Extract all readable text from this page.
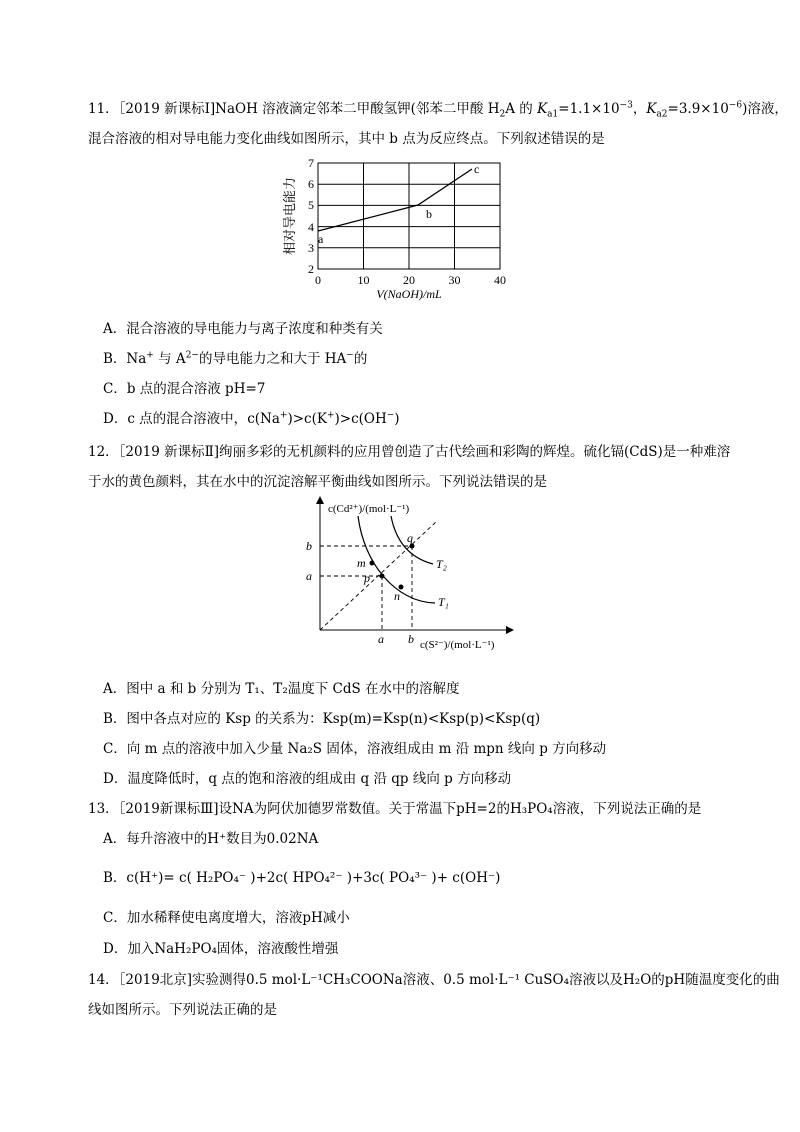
11．［2019 新课标Ⅰ]NaOH 溶液滴定邻苯二甲酸氢钾(邻苯二甲酸 $H_2A$ 的 $K_{a1}=1.1\times 10^{-3}$，$K_{a2}=3.9\times 10^{-6}$)溶液，
混合溶液的相对导电能力变化曲线如图所示，其中 b 点为反应终点。下列叙述错误的是
7
6
5
4
3
2
0	10	20	30	40
V(NaOH)/mL
相对导电能力 a
b
c
A．混合溶液的导电能力与离子浓度和种类有关
B．Na+ 与 $A^{2-}$的导电能力之和大于 HA−的
C．b 点的混合溶液 pH=7
D．c 点的混合溶液中，c(Na+)>c(K+)>c(OH−)
12．［2019 新课标Ⅱ]绚丽多彩的无机颜料的应用曾创造了古代绘画和彩陶的辉煌。硫化镉(CdS)是一种难溶
于水的黄色颜料，其在水中的沉淀溶解平衡曲线如图所示。下列说法错误的是
c(Cd²⁺)/(mol·L⁻¹)
c(S²⁻)/(mol·L⁻¹)
b
a
a b
m
p
n
q
T₂
T₁
A．图中 a 和 b 分别为 T₁、T₂温度下 CdS 在水中的溶解度
B．图中各点对应的 Ksp 的关系为：Ksp(m)=Ksp(n)<Ksp(p)<Ksp(q)
C．向 m 点的溶液中加入少量 Na₂S 固体，溶液组成由 m 沿 mpn 线向 p 方向移动
D．温度降低时，q 点的饱和溶液的组成由 q 沿 qp 线向 p 方向移动
13．［2019新课标Ⅲ]设NA为阿伏加德罗常数值。关于常温下pH=2的H₃PO₄溶液，下列说法正确的是
A．每升溶液中的H⁺数目为0.02NA
B．c(H⁺)= c( H₂PO₄⁻ )+2c( HPO₄²⁻ )+3c( PO₄³⁻ )+ c(OH⁻)
C．加水稀释使电离度增大，溶液pH减小
D．加入NaH₂PO₄固体，溶液酸性增强
14．［2019北京]实验测得0.5 mol·L⁻¹CH₃COONa溶液、0.5 mol·L⁻¹ CuSO₄溶液以及H₂O的pH随温度变化的曲
线如图所示。下列说法正确的是
